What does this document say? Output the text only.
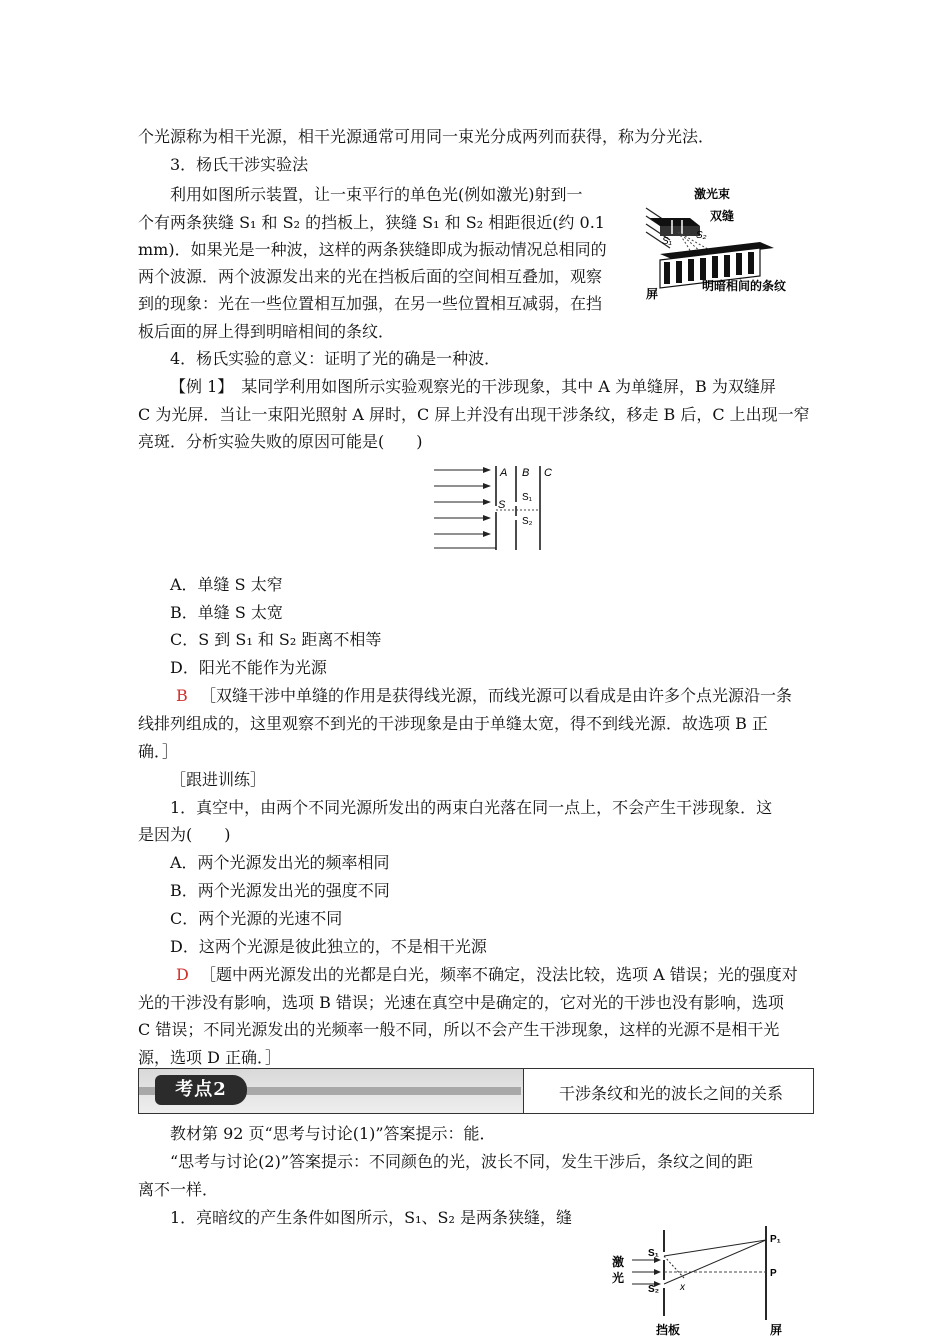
个光源称为相干光源，相干光源通常可用同一束光分成两列而获得，称为分光法．
3．杨氏干涉实验法
利用如图所示装置，让一束平行的单色光(例如激光)射到一
个有两条狭缝 S₁ 和 S₂ 的挡板上，狭缝 S₁ 和 S₂ 相距很近(约 0.1
mm)．如果光是一种波，这样的两条狭缝即成为振动情况总相同的
两个波源．两个波源发出来的光在挡板后面的空间相互叠加，观察
到的现象：光在一些位置相互加强，在另一些位置相互减弱，在挡
板后面的屏上得到明暗相间的条纹．
4．杨氏实验的意义：证明了光的确是一种波．
【例 1】　某同学利用如图所示实验观察光的干涉现象，其中 A 为单缝屏，B 为双缝屏
C 为光屏．当让一束阳光照射 A 屏时，C 屏上并没有出现干涉条纹，移走 B 后，C 上出现一窄
亮斑．分析实验失败的原因可能是(　　)
A．单缝 S 太窄
B．单缝 S 太宽
C．S 到 S₁ 和 S₂ 距离不相等
D．阳光不能作为光源
［双缝干涉中单缝的作用是获得线光源，而线光源可以看成是由许多个点光源沿一条
线排列组成的，这里观察不到光的干涉现象是由于单缝太宽，得不到线光源．故选项 B 正
确．］
［跟进训练］
1．真空中，由两个不同光源所发出的两束白光落在同一点上，不会产生干涉现象．这
是因为(　　)
A．两个光源发出光的频率相同
B．两个光源发出光的强度不同
C．两个光源的光速不同
D．这两个光源是彼此独立的，不是相干光源
［题中两光源发出的光都是白光，频率不确定，没法比较，选项 A 错误；光的强度对
光的干涉没有影响，选项 B 错误；光速在真空中是确定的，它对光的干涉也没有影响，选项
C 错误；不同光源发出的光频率一般不同，所以不会产生干涉现象，这样的光源不是相干光
源，选项 D 正确．］
教材第 92 页“思考与讨论(1)”答案提示：能．
“思考与讨论(2)”答案提示：不同颜色的光，波长不同，发生干涉后，条纹之间的距
离不一样．
1．亮暗纹的产生条件如图所示，S₁、S₂ 是两条狭缝，缝
B
D
激光束
双缝
S₁
S₂
屏
明暗相间的条纹
A B C
S
S₁
S₂
考点2	干涉条纹和光的波长之间的关系
激
光
S₁
S₂ x
P₁
P
挡板	屏
